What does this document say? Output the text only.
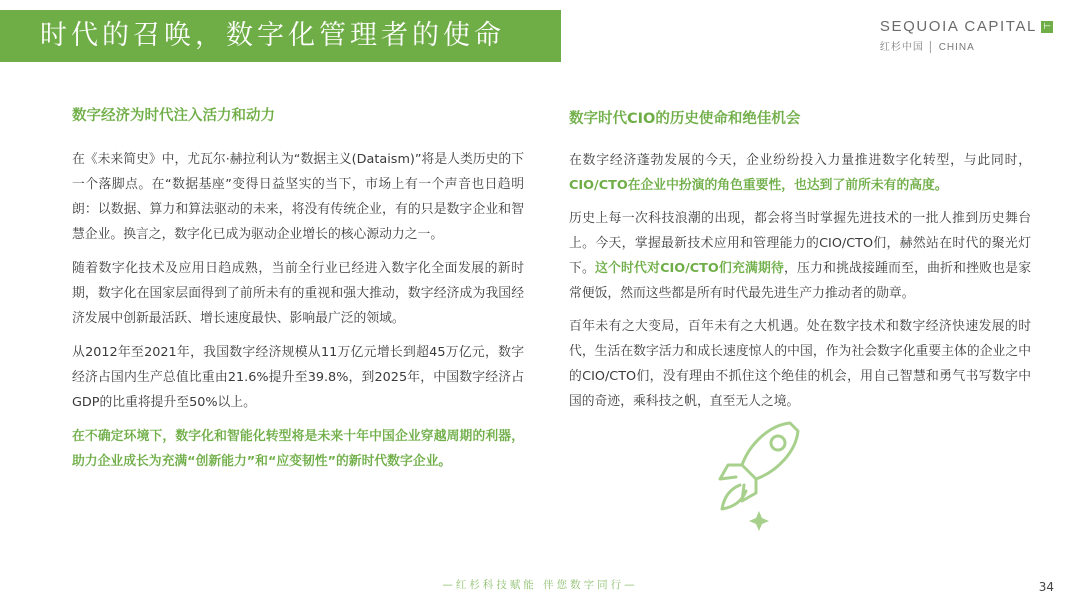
时代的召唤，数字化管理者的使命	SEQUOIA CAPITAL ⊢
红杉中国 │ CHINA
数字经济为时代注入活力和动力

在《未来简史》中，尤瓦尔·赫拉利认为“数据主义(Dataism)”将是人类历史的下一个落脚点。在“数据基座”变得日益坚实的当下，市场上有一个声音也日趋明朗：以数据、算力和算法驱动的未来，将没有传统企业，有的只是数字企业和智慧企业。换言之，数字化已成为驱动企业增长的核心源动力之一。

随着数字化技术及应用日趋成熟，当前全行业已经进入数字化全面发展的新时期，数字化在国家层面得到了前所未有的重视和强大推动，数字经济成为我国经济发展中创新最活跃、增长速度最快、影响最广泛的领域。

从2012年至2021年，我国数字经济规模从11万亿元增长到超45万亿元，数字经济占国内生产总值比重由21.6%提升至39.8%，到2025年，中国数字经济占GDP的比重将提升至50%以上。

在不确定环境下，数字化和智能化转型将是未来十年中国企业穿越周期的利器，助力企业成长为充满“创新能力”和“应变韧性”的新时代数字企业。

数字时代CIO的历史使命和绝佳机会

在数字经济蓬勃发展的今天，企业纷纷投入力量推进数字化转型，与此同时，CIO/CTO在企业中扮演的角色重要性，也达到了前所未有的高度。

历史上每一次科技浪潮的出现，都会将当时掌握先进技术的一批人推到历史舞台上。今天，掌握最新技术应用和管理能力的CIO/CTO们，赫然站在时代的聚光灯下。这个时代对CIO/CTO们充满期待，压力和挑战接踵而至，曲折和挫败也是家常便饭，然而这些都是所有时代最先进生产力推动者的勋章。

百年未有之大变局，百年未有之大机遇。处在数字技术和数字经济快速发展的时代，生活在数字活力和成长速度惊人的中国，作为社会数字化重要主体的企业之中的CIO/CTO们，没有理由不抓住这个绝佳的机会，用自己智慧和勇气书写数字中国的奇迹，乘科技之帆，直至无人之境。

—红杉科技赋能 伴您数字同行—	34
